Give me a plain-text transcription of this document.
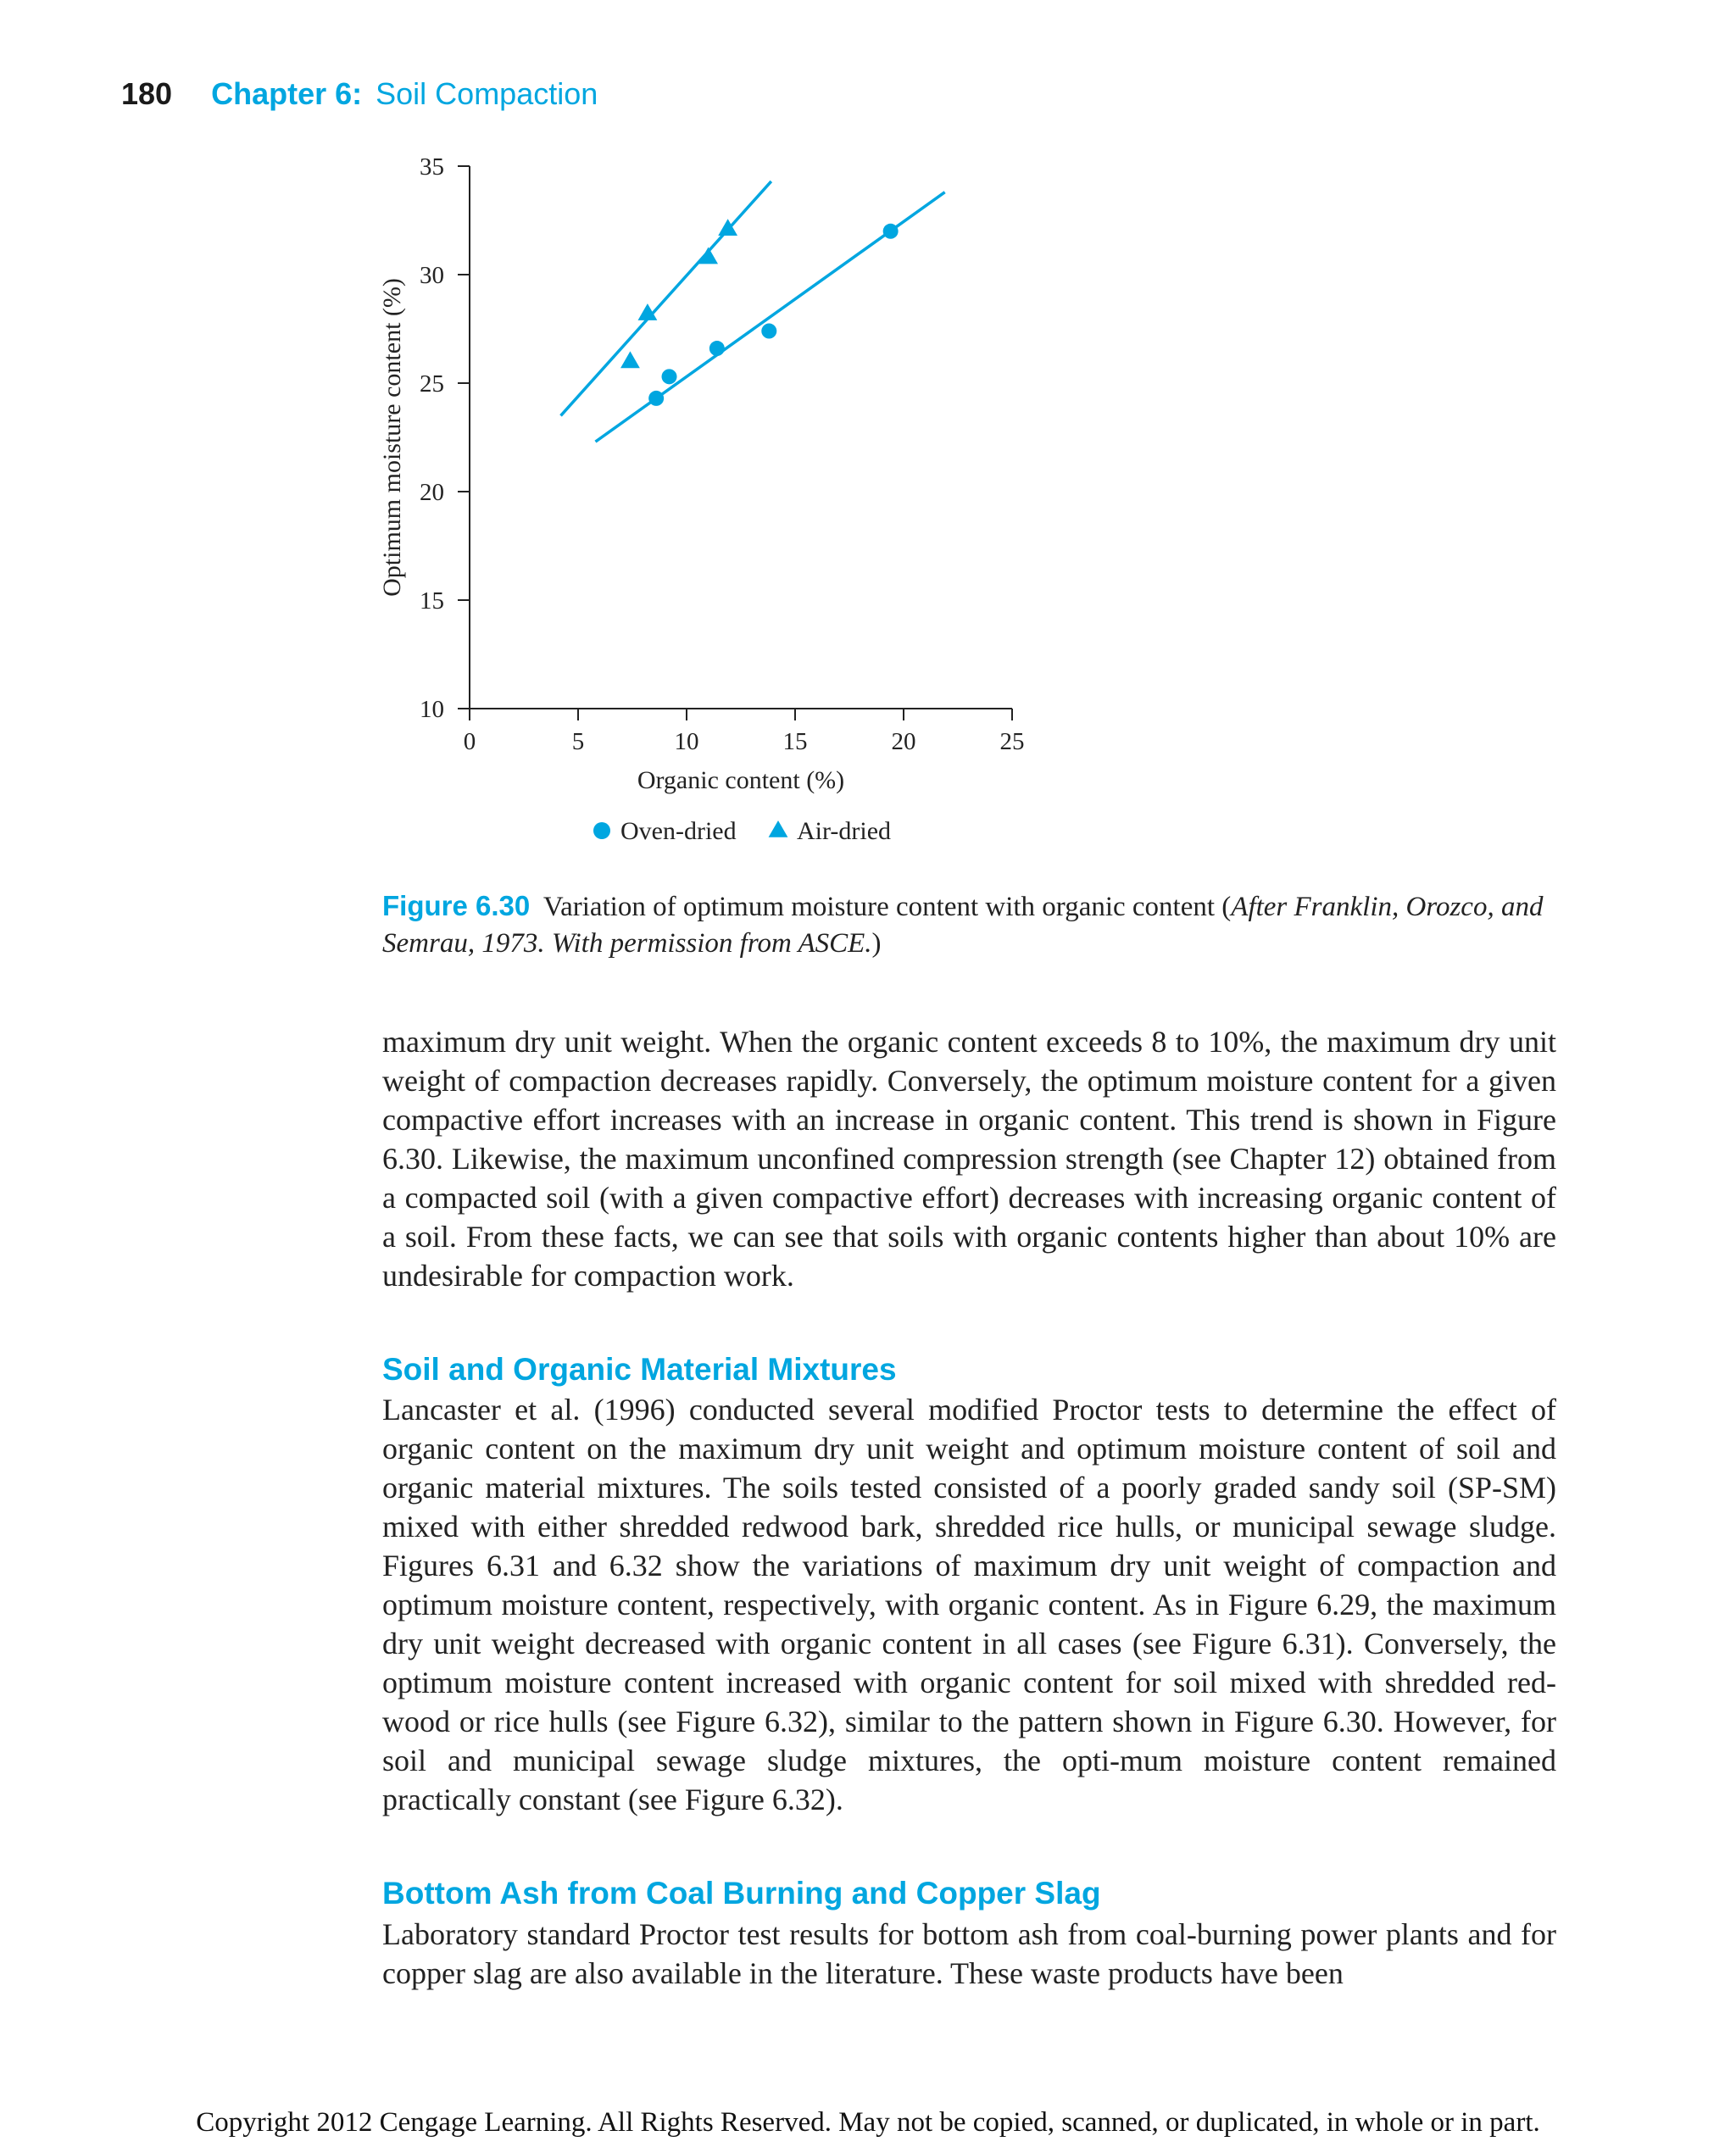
180 Chapter 6: Soil Compaction
0	5	10	15	20	25
10
15
20
25
30
35
Organic content (%)
Optimum moisture content (%)
Oven-dried Air-dried
Figure 6.30 Variation of optimum moisture content with organic content (After Franklin, Orozco, and Semrau, 1973. With permission from ASCE.)

maximum dry unit weight. When the organic content exceeds 8 to 10%, the maximum dry unit weight of compaction decreases rapidly. Conversely, the optimum moisture content for a given compactive effort increases with an increase in organic content. This trend is shown in Figure 6.30. Likewise, the maximum unconfined compression strength (see Chapter 12) obtained from a compacted soil (with a given compactive effort) decreases with increasing organic content of a soil. From these facts, we can see that soils with organic contents higher than about 10% are undesirable for compaction work.

Soil and Organic Material Mixtures

Lancaster et al. (1996) conducted several modified Proctor tests to determine the effect of organic content on the maximum dry unit weight and optimum moisture content of soil and organic material mixtures. The soils tested consisted of a poorly graded sandy soil (SP-SM) mixed with either shredded redwood bark, shredded rice hulls, or municipal sewage sludge. Figures 6.31 and 6.32 show the variations of maximum dry unit weight of compaction and optimum moisture content, respectively, with organic content. As in Figure 6.29, the maximum dry unit weight decreased with organic content in all cases (see Figure 6.31). Conversely, the optimum moisture content increased with organic content for soil mixed with shredded red-wood or rice hulls (see Figure 6.32), similar to the pattern shown in Figure 6.30. However, for soil and municipal sewage sludge mixtures, the opti-mum moisture content remained practically constant (see Figure 6.32).

Bottom Ash from Coal Burning and Copper Slag

Laboratory standard Proctor test results for bottom ash from coal-burning power plants and for copper slag are also available in the literature. These waste products have been

Copyright 2012 Cengage Learning. All Rights Reserved. May not be copied, scanned, or duplicated, in whole or in part.
